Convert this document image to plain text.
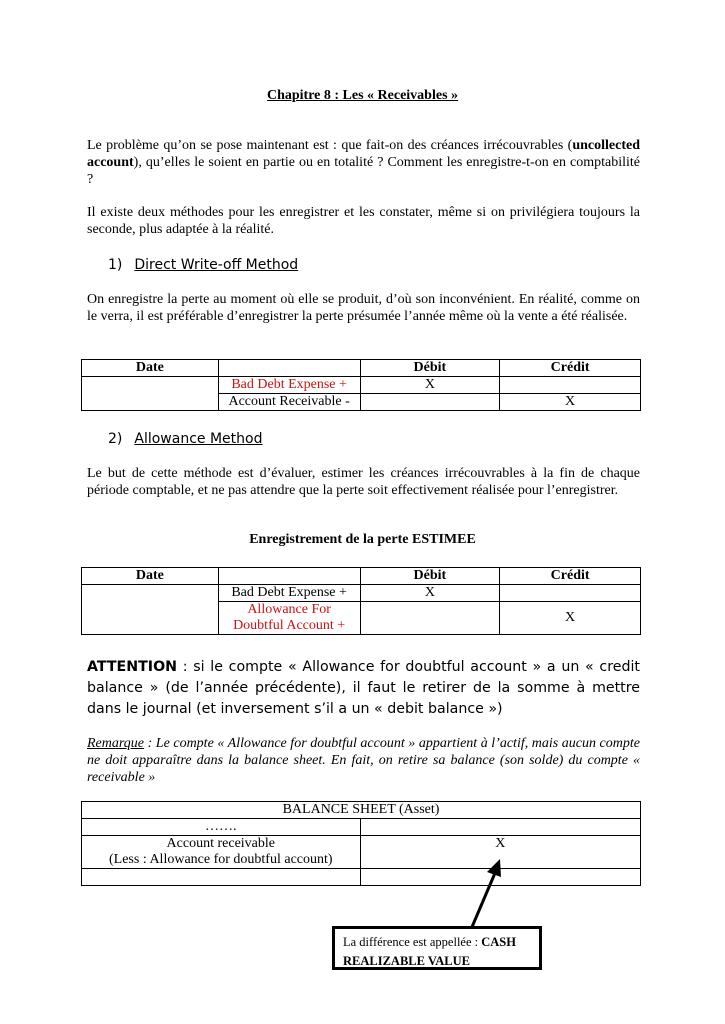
Chapitre 8 : Les « Receivables »
Le problème qu’on se pose maintenant est : que fait-on des créances irrécouvrables (uncollected account), qu’elles le soient en partie ou en totalité ? Comment les enregistre-t-on en comptabilité ?
Il existe deux méthodes pour les enregistrer et les constater, même si on privilégiera toujours la seconde, plus adaptée à la réalité.
1) Direct Write-off Method
On enregistre la perte au moment où elle se produit, d’où son inconvénient. En réalité, comme on le verra, il est préférable d’enregistrer la perte présumée l’année même où la vente a été réalisée.
Date		Débit	Crédit
	Bad Debt Expense +	X	
	Account Receivable -		X
2) Allowance Method
Le but de cette méthode est d’évaluer, estimer les créances irrécouvrables à la fin de chaque période comptable, et ne pas attendre que la perte soit effectivement réalisée pour l’enregistrer.
Enregistrement de la perte ESTIMEE
Date		Débit	Crédit
	Bad Debt Expense +	X	
	Allowance For
Doubtful Account +		X
ATTENTION : si le compte « Allowance for doubtful account » a un « credit balance » (de l’année précédente), il faut le retirer de la somme à mettre dans le journal (et inversement s’il a un « debit balance »)
Remarque : Le compte « Allowance for doubtful account » appartient à l’actif, mais aucun compte ne doit apparaître dans la balance sheet. En fait, on retire sa balance (son solde) du compte « receivable »
BALANCE SHEET (Asset)	
…….	
Account receivable
(Less : Allowance for doubtful account)	X

La différence est appellée : CASH
REALIZABLE VALUE
